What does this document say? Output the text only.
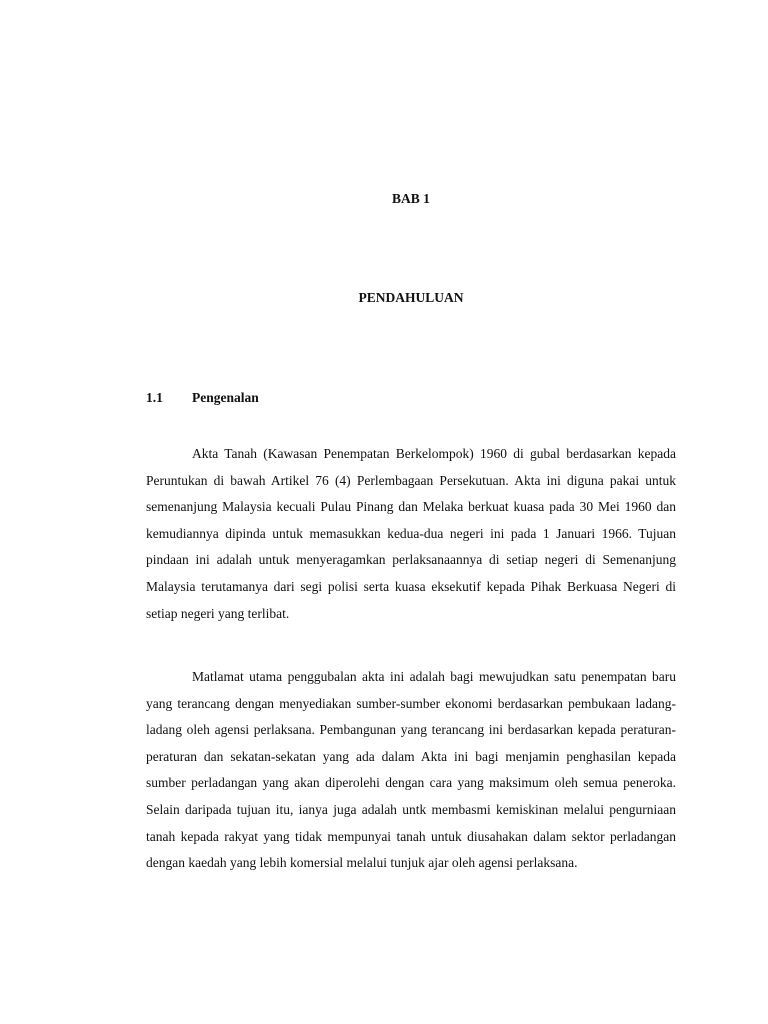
BAB 1
PENDAHULUAN
1.1	Pengenalan

Akta Tanah (Kawasan Penempatan Berkelompok) 1960 di gubal berdasarkan kepada Peruntukan di bawah Artikel 76 (4) Perlembagaan Persekutuan. Akta ini diguna pakai untuk semenanjung Malaysia kecuali Pulau Pinang dan Melaka berkuat kuasa pada 30 Mei 1960 dan kemudiannya dipinda untuk memasukkan kedua-dua negeri ini pada 1 Januari 1966. Tujuan pindaan ini adalah untuk menyeragamkan perlaksanaannya di setiap negeri di Semenanjung Malaysia terutamanya dari segi polisi serta kuasa eksekutif kepada Pihak Berkuasa Negeri di setiap negeri yang terlibat.

Matlamat utama penggubalan akta ini adalah bagi mewujudkan satu penempatan baru yang terancang dengan menyediakan sumber-sumber ekonomi berdasarkan pembukaan ladang-ladang oleh agensi perlaksana. Pembangunan yang terancang ini berdasarkan kepada peraturan-peraturan dan sekatan-sekatan yang ada dalam Akta ini bagi menjamin penghasilan kepada sumber perladangan yang akan diperolehi dengan cara yang maksimum oleh semua peneroka. Selain daripada tujuan itu, ianya juga adalah untk membasmi kemiskinan melalui pengurniaan tanah kepada rakyat yang tidak mempunyai tanah untuk diusahakan dalam sektor perladangan dengan kaedah yang lebih komersial melalui tunjuk ajar oleh agensi perlaksana.
